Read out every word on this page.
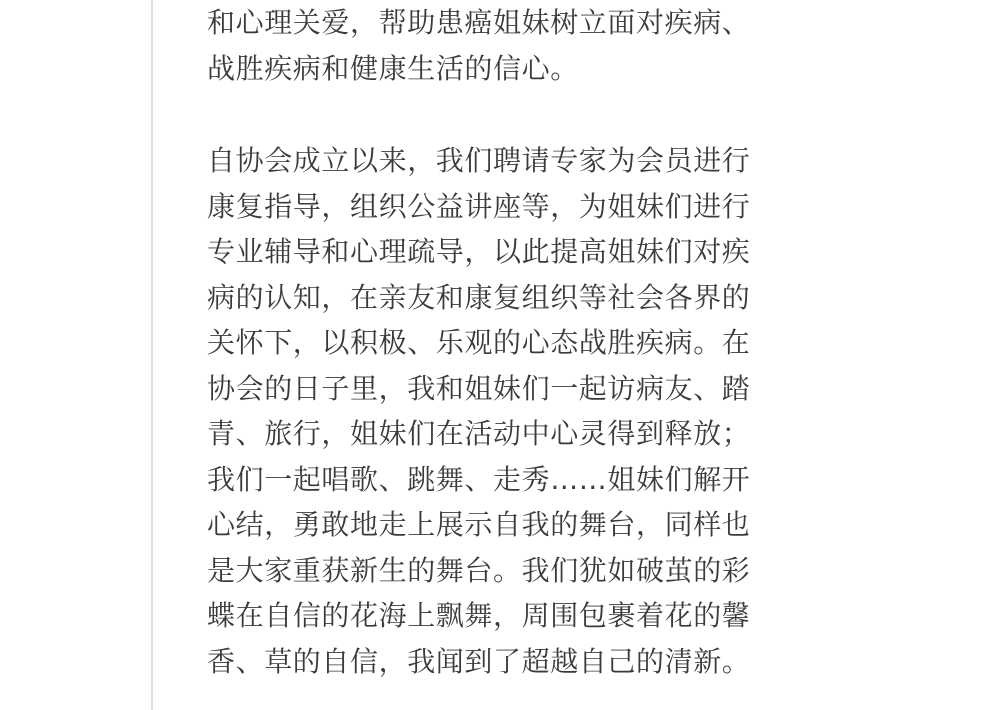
和心理关爱，帮助患癌姐妹树立面对疾病、
战胜疾病和健康生活的信心。

自协会成立以来，我们聘请专家为会员进行
康复指导，组织公益讲座等，为姐妹们进行
专业辅导和心理疏导，以此提高姐妹们对疾
病的认知，在亲友和康复组织等社会各界的
关怀下，以积极、乐观的心态战胜疾病。在
协会的日子里，我和姐妹们一起访病友、踏
青、旅行，姐妹们在活动中心灵得到释放；
我们一起唱歌、跳舞、走秀……姐妹们解开
心结，勇敢地走上展示自我的舞台，同样也
是大家重获新生的舞台。我们犹如破茧的彩
蝶在自信的花海上飘舞，周围包裹着花的馨
香、草的自信，我闻到了超越自己的清新。
